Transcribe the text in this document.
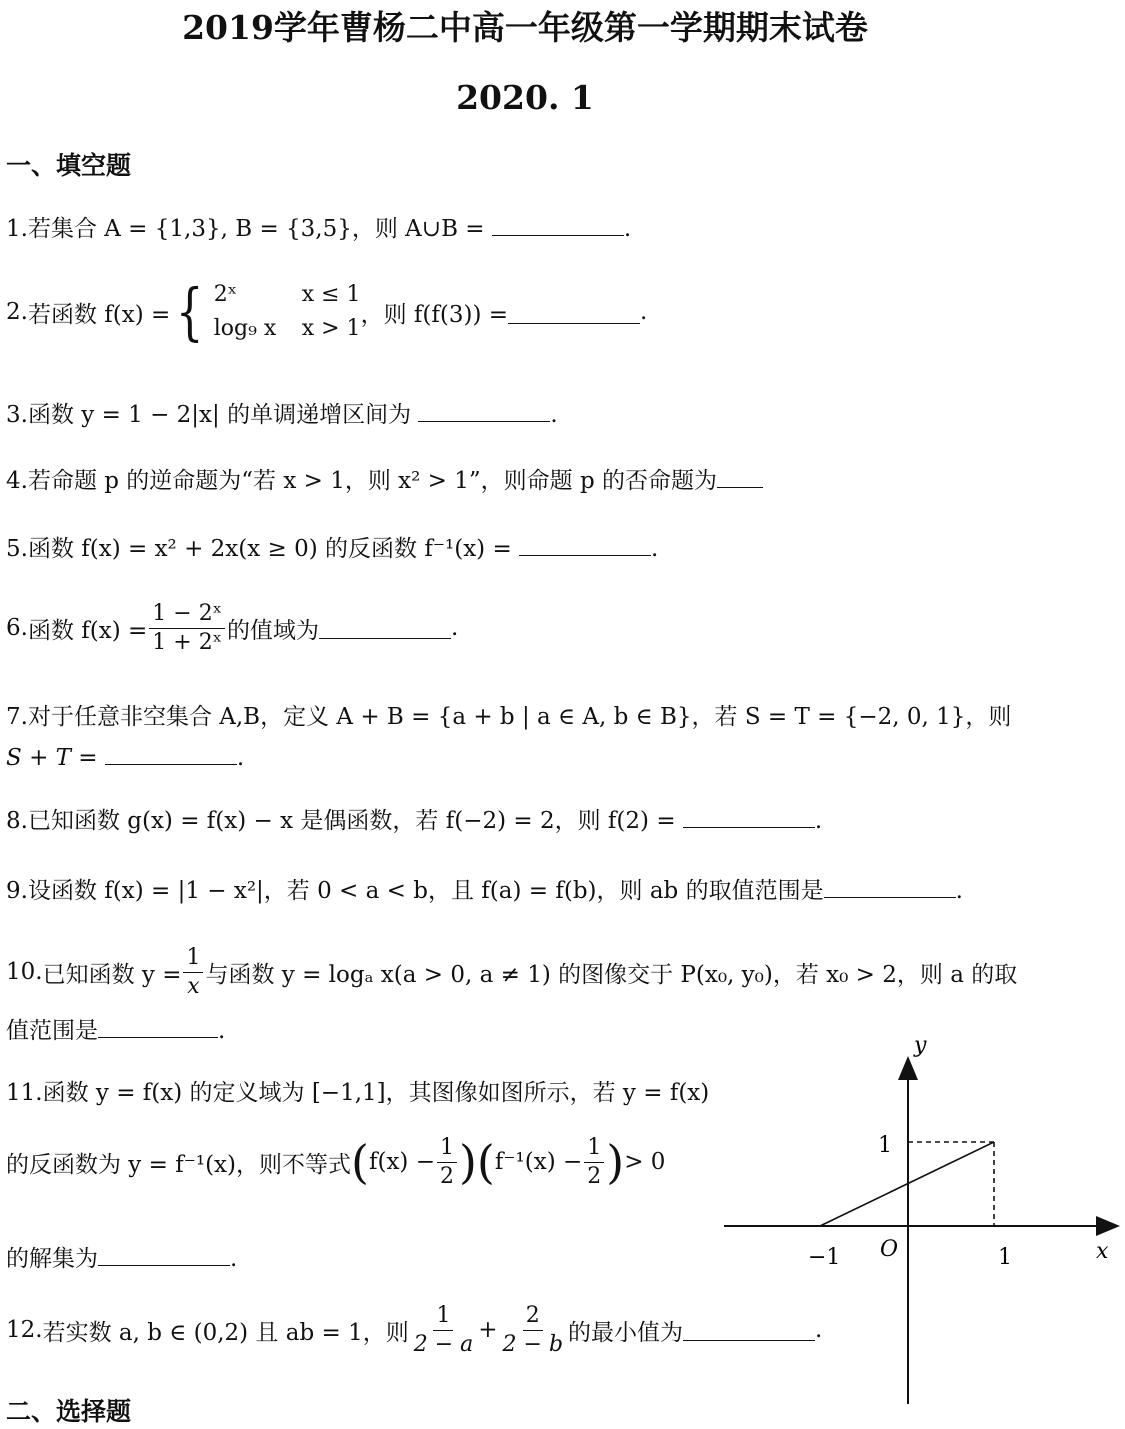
2019学年曹杨二中高一年级第一学期期末试卷
2020. 1
一、填空题
1.若集合 A = {1,3}, B = {3,5}，则 A∪B =	.
2. 若函数 f(x) = { 2ˣ	x ≤ 1
log₉ x	x > 1
，则 f(f(3)) =	.
3.函数 y = 1 − 2|x| 的单调递增区间为	.
4.若命题 p 的逆命题为“若 x > 1，则 x² > 1”，则命题 p 的否命题为
5.函数 f(x) = x² + 2x(x ≥ 0) 的反函数 f⁻¹(x) =	.
6. 函数 $f(x) = \frac{\text{1 − 2ˣ}}{\text{1 + 2ˣ}}$ 的值域为	.
7.对于任意非空集合 A,B，定义 A + B = {a + b | a ∈ A, b ∈ B}，若 S = T = {−2, 0, 1}，则
S + T =	.
8.已知函数 g(x) = f(x) − x 是偶函数，若 f(−2) = 2，则 f(2) =	.
9.设函数 f(x) = |1 − x²|，若 0 < a < b，且 f(a) = f(b)，则 ab 的取值范围是	.
10. 已知函数 $y = \frac{1}{x}$ 与函数 y = logₐ x(a > 0, a ≠ 1) 的图像交于 P(x₀, y₀)，若 x₀ > 2，则 a 的取
值范围是	.
11.函数 y = f(x) 的定义域为 [−1,1]，其图像如图所示，若 y = f(x)
的反函数为 y = f⁻¹(x)，则不等式 ( $f(x) - \frac{1}{2}$ ) ( $f^{-1}(x) - \frac{1}{2}$ ) > 0
的解集为	.
12. 若实数 a, b ∈ (0,2) 且 ab = 1，则 $\frac{1}{2 - a} + \frac{2}{2 - b}$ 的最小值为	.
二、选择题
y
x
O
−1	1
1
